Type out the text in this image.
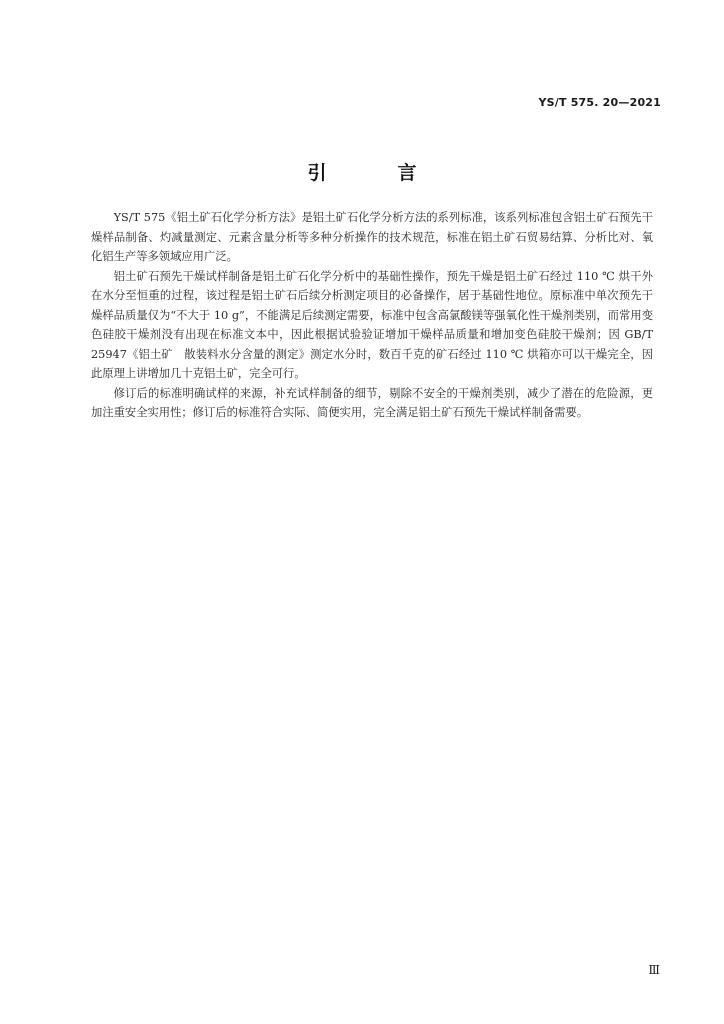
YS/T 575. 20—2021
引　言

YS/T 575《铝土矿石化学分析方法》是铝土矿石化学分析方法的系列标准，该系列标准包含铝土矿石预先干燥样品制备、灼减量测定、元素含量分析等多种分析操作的技术规范，标准在铝土矿石贸易结算、分析比对、氧化铝生产等多领域应用广泛。

铝土矿石预先干燥试样制备是铝土矿石化学分析中的基础性操作，预先干燥是铝土矿石经过 110 ℃ 烘干外在水分至恒重的过程，该过程是铝土矿石后续分析测定项目的必备操作，居于基础性地位。原标准中单次预先干燥样品质量仅为“不大于 10 g”，不能满足后续测定需要，标准中包含高氯酸镁等强氧化性干燥剂类别，而常用变色硅胶干燥剂没有出现在标准文本中，因此根据试验验证增加干燥样品质量和增加变色硅胶干燥剂；因 GB/T 25947《铝土矿　散装料水分含量的测定》测定水分时，数百千克的矿石经过 110 ℃ 烘箱亦可以干燥完全，因此原理上讲增加几十克铝土矿，完全可行。

修订后的标准明确试样的来源，补充试样制备的细节，剔除不安全的干燥剂类别，减少了潜在的危险源，更加注重安全实用性；修订后的标准符合实际、简便实用，完全满足铝土矿石预先干燥试样制备需要。

Ⅲ
